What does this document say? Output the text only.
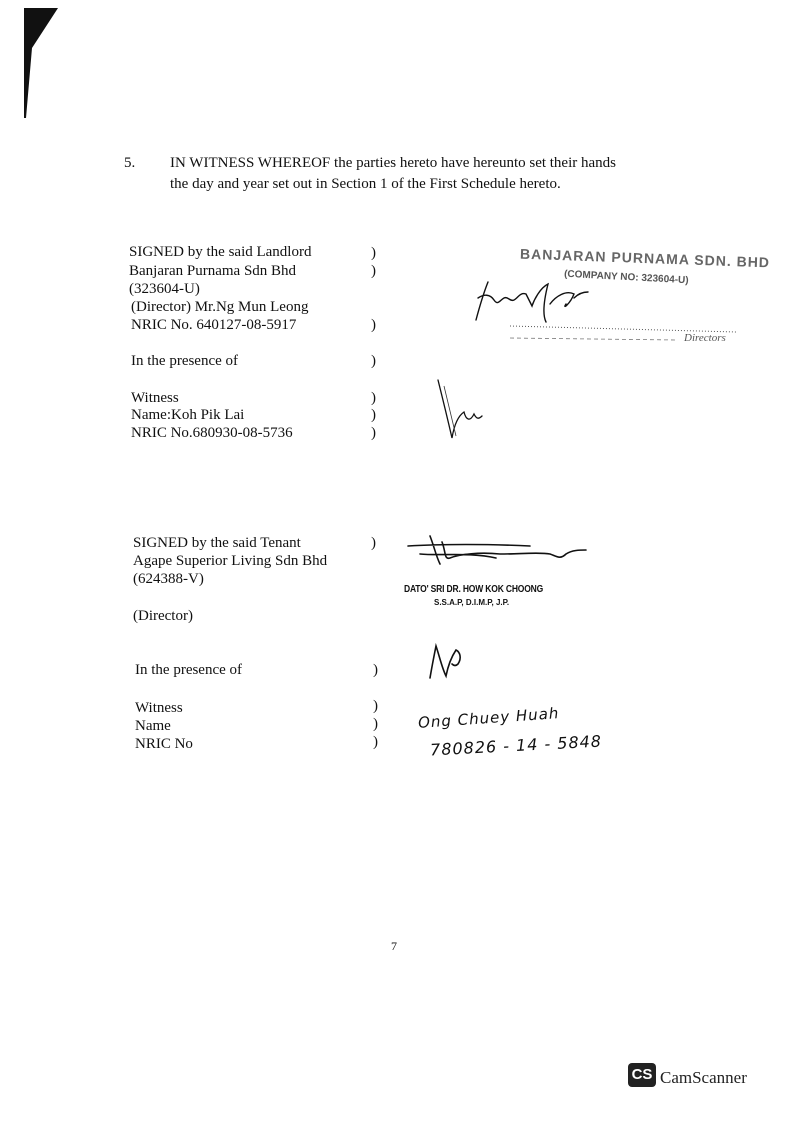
5. IN WITNESS WHEREOF the parties hereto have hereunto set their hands
the day and year set out in Section 1 of the First Schedule hereto.
SIGNED by the said Landlord
Banjaran Purnama Sdn Bhd
(323604-U)
(Director) Mr.Ng Mun Leong
NRIC No. 640127-08-5917
In the presence of
Witness
Name:Koh Pik Lai
NRIC No.680930-08-5736
)
)
)
)
)
)
)
BANJARAN PURNAMA SDN. BHD
(COMPANY NO: 323604-U)
Directors
SIGNED by the said Tenant
Agape Superior Living Sdn Bhd
(624388-V)
(Director)
In the presence of
Witness
Name
NRIC No
)
)
)
)
)
DATO' SRI DR. HOW KOK CHOONG
S.S.A.P, D.I.M.P, J.P.
Ong Chuey Huah
780826 - 14 - 5848
7
CS CamScanner
